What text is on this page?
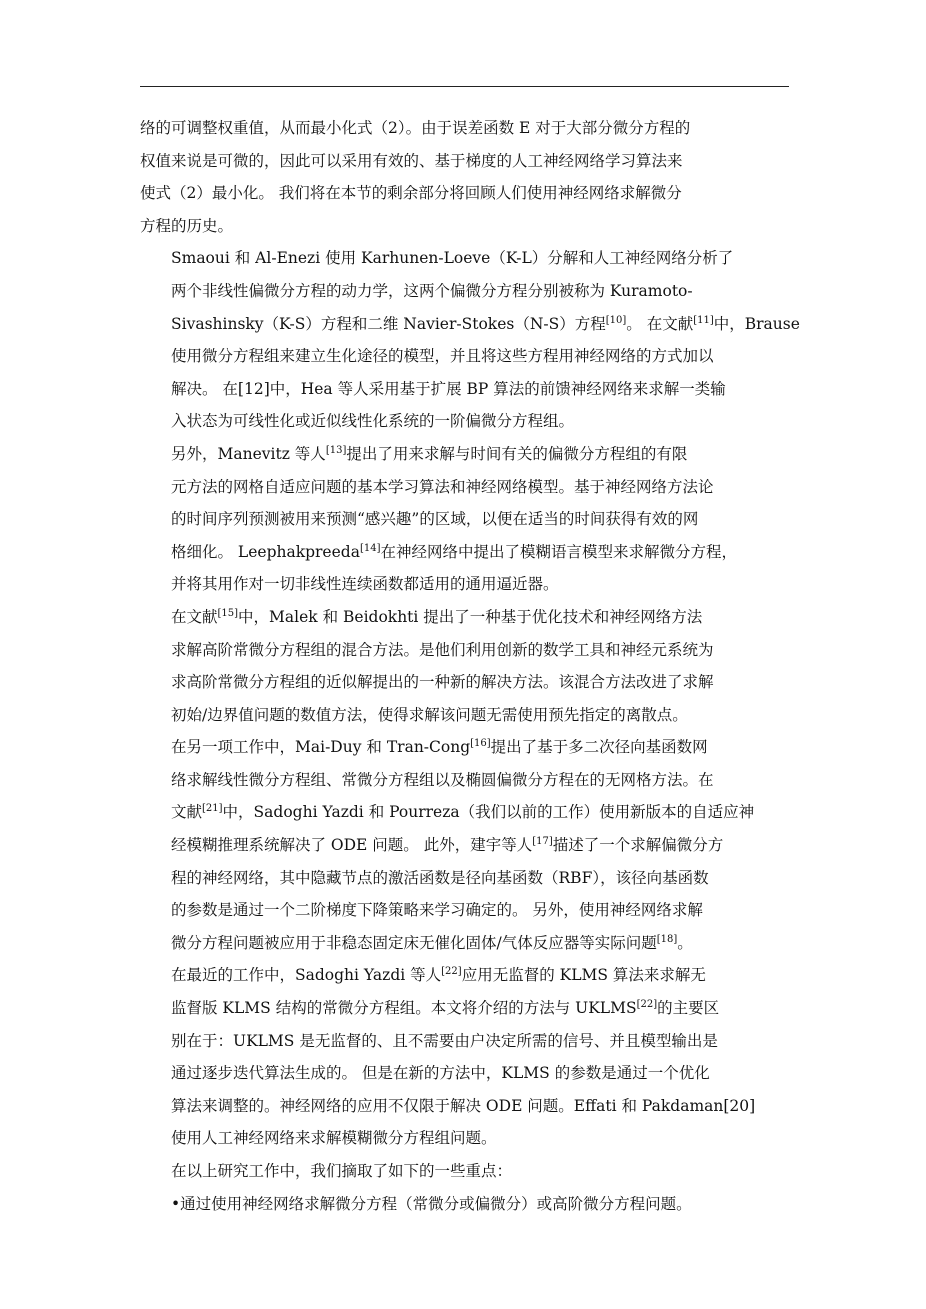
络的可调整权重值，从而最小化式（2）。由于误差函数 E 对于大部分微分方程的
权值来说是可微的，因此可以采用有效的、基于梯度的人工神经网络学习算法来
使式（2）最小化。 我们将在本节的剩余部分将回顾人们使用神经网络求解微分
方程的历史。

Smaoui 和 Al-Enezi 使用 Karhunen-Loeve（K-L）分解和人工神经网络分析了
两个非线性偏微分方程的动力学，这两个偏微分方程分别被称为 Kuramoto-
Sivashinsky（K-S）方程和二维 Navier-Stokes（N-S）方程[10]。 在文献[11]中，Brause
使用微分方程组来建立生化途径的模型，并且将这些方程用神经网络的方式加以
解决。 在[12]中，Hea 等人采用基于扩展 BP 算法的前馈神经网络来求解一类输
入状态为可线性化或近似线性化系统的一阶偏微分方程组。

另外，Manevitz 等人[13]提出了用来求解与时间有关的偏微分方程组的有限
元方法的网格自适应问题的基本学习算法和神经网络模型。基于神经网络方法论
的时间序列预测被用来预测“感兴趣”的区域，以便在适当的时间获得有效的网
格细化。 Leephakpreeda[14]在神经网络中提出了模糊语言模型来求解微分方程，
并将其用作对一切非线性连续函数都适用的通用逼近器。

在文献[15]中，Malek 和 Beidokhti 提出了一种基于优化技术和神经网络方法
求解高阶常微分方程组的混合方法。是他们利用创新的数学工具和神经元系统为
求高阶常微分方程组的近似解提出的一种新的解决方法。该混合方法改进了求解
初始/边界值问题的数值方法，使得求解该问题无需使用预先指定的离散点。

在另一项工作中，Mai-Duy 和 Tran-Cong[16]提出了基于多二次径向基函数网
络求解线性微分方程组、常微分方程组以及椭圆偏微分方程在的无网格方法。在
文献[21]中，Sadoghi Yazdi 和 Pourreza（我们以前的工作）使用新版本的自适应神
经模糊推理系统解决了 ODE 问题。 此外，建宇等人[17]描述了一个求解偏微分方
程的神经网络，其中隐藏节点的激活函数是径向基函数（RBF），该径向基函数
的参数是通过一个二阶梯度下降策略来学习确定的。 另外，使用神经网络求解
微分方程问题被应用于非稳态固定床无催化固体/气体反应器等实际问题[18]。

在最近的工作中，Sadoghi Yazdi 等人[22]应用无监督的 KLMS 算法来求解无
监督版 KLMS 结构的常微分方程组。本文将介绍的方法与 UKLMS[22]的主要区
别在于：UKLMS 是无监督的、且不需要由户决定所需的信号、并且模型输出是
通过逐步迭代算法生成的。 但是在新的方法中，KLMS 的参数是通过一个优化
算法来调整的。神经网络的应用不仅限于解决 ODE 问题。Effati 和 Pakdaman[20]
使用人工神经网络来求解模糊微分方程组问题。

在以上研究工作中，我们摘取了如下的一些重点：

•通过使用神经网络求解微分方程（常微分或偏微分）或高阶微分方程问题。
